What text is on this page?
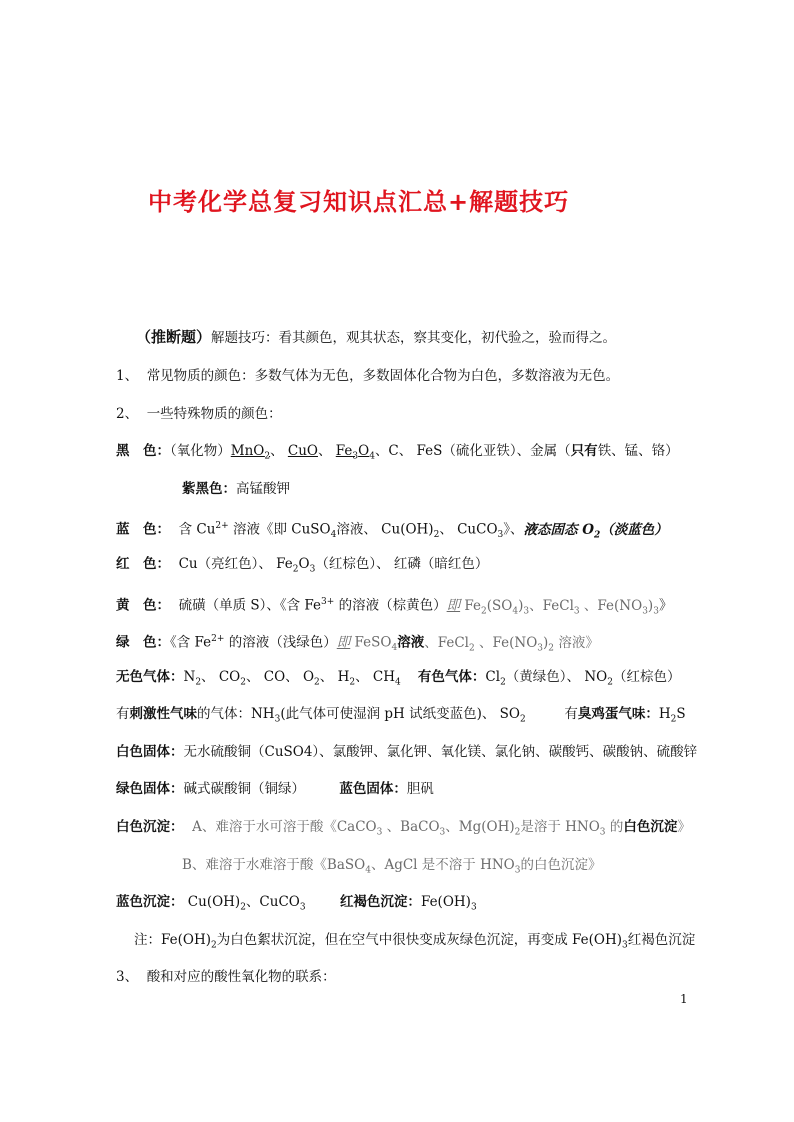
中考化学总复习知识点汇总+解题技巧
（推断题）解题技巧：看其颜色，观其状态，察其变化，初代验之，验而得之。
1、 常见物质的颜色：多数气体为无色，多数固体化合物为白色，多数溶液为无色。
2、 一些特殊物质的颜色：
黑　色：（氧化物）MnO$_2$、 CuO、 $Fe_3O_4$、C、 FeS（硫化亚铁）、金属（只有铁、锰、铬）
紫黑色：高锰酸钾
蓝　色： 含 $Cu^{2+}$ 溶液《即 CuSO$_4$溶液、 $Cu(OH)_2$、 CuCO$_3$》、液态固态 $O_2$（淡蓝色）
红　色： Cu（亮红色）、 $Fe_2O_3$（红棕色）、 红磷（暗红色）
黄　色： 硫磺（单质 S）、《含 $Fe^{3+}$ 的溶液（棕黄色）即 $Fe_2(SO_4)_3$、FeCl$_3$ 、$Fe(NO_3)_3$》
绿　色：《含 $Fe^{2+}$ 的溶液（浅绿色）即 FeSO$_4$溶液、FeCl$_2$ 、$Fe(NO_3)_2$ 溶液》
无色气体：$N_2$、 $CO_2$、 CO、 $O_2$、 $H_2$、 $CH_4$ 有色气体：$Cl_2$（黄绿色）、 $NO_2$（红棕色）
有刺激性气味的气体：$NH_3$(此气体可使湿润 pH 试纸变蓝色)、 $SO_2$	有臭鸡蛋气味：$H_2S$
白色固体：无水硫酸铜（CuSO4）、氯酸钾、氯化钾、氧化镁、氯化钠、碳酸钙、碳酸钠、硫酸锌
绿色固体：碱式碳酸铜（铜绿）	蓝色固体：胆矾
白色沉淀： A、难溶于水可溶于酸《CaCO$_3$ 、BaCO$_3$、$Mg(OH)_2$是溶于 $HNO_3$ 的白色沉淀》
B、难溶于水难溶于酸《BaSO$_4$、AgCl 是不溶于 $HNO_3$的白色沉淀》
蓝色沉淀： $Cu(OH)_2$、CuCO$_3$	红褐色沉淀：$Fe(OH)_3$
注：$Fe(OH)_2$为白色絮状沉淀，但在空气中很快变成灰绿色沉淀，再变成 $Fe(OH)_3$红褐色沉淀
3、 酸和对应的酸性氧化物的联系：
1
